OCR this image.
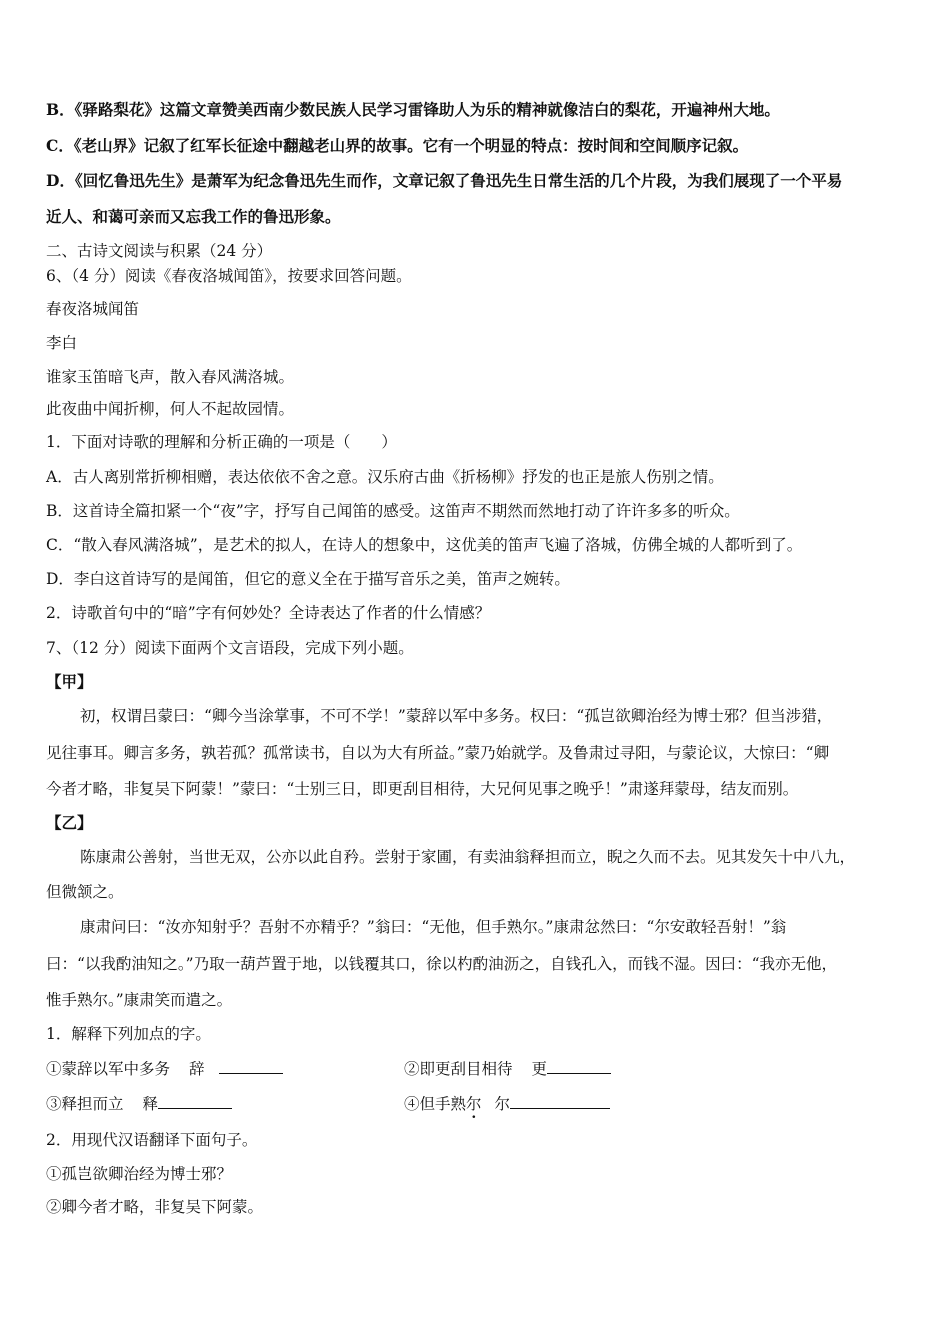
B．《驿路梨花》这篇文章赞美西南少数民族人民学习雷锋助人为乐的精神就像洁白的梨花，开遍神州大地。
C．《老山界》记叙了红军长征途中翻越老山界的故事。它有一个明显的特点：按时间和空间顺序记叙。
D．《回忆鲁迅先生》是萧军为纪念鲁迅先生而作，文章记叙了鲁迅先生日常生活的几个片段，为我们展现了一个平易
近人、和蔼可亲而又忘我工作的鲁迅形象。
二、古诗文阅读与积累（24 分）
6、（4 分）阅读《春夜洛城闻笛》，按要求回答问题。
春夜洛城闻笛
李白
谁家玉笛暗飞声，散入春风满洛城。
此夜曲中闻折柳，何人不起故园情。
1．下面对诗歌的理解和分析正确的一项是（　　）
A．古人离别常折柳相赠，表达依依不舍之意。汉乐府古曲《折杨柳》抒发的也正是旅人伤别之情。
B．这首诗全篇扣紧一个“夜”字，抒写自己闻笛的感受。这笛声不期然而然地打动了许许多多的听众。
C．“散入春风满洛城”，是艺术的拟人，在诗人的想象中，这优美的笛声飞遍了洛城，仿佛全城的人都听到了。
D．李白这首诗写的是闻笛，但它的意义全在于描写音乐之美，笛声之婉转。
2．诗歌首句中的“暗”字有何妙处？全诗表达了作者的什么情感？
7、（12 分）阅读下面两个文言语段，完成下列小题。
【甲】
初，权谓吕蒙曰：“卿今当涂掌事，不可不学！”蒙辞以军中多务。权曰：“孤岂欲卿治经为博士邪？但当涉猎，
见往事耳。卿言多务，孰若孤？孤常读书，自以为大有所益。”蒙乃始就学。及鲁肃过寻阳，与蒙论议，大惊曰：“卿
今者才略，非复吴下阿蒙！”蒙曰：“士别三日，即更刮目相待，大兄何见事之晚乎！”肃遂拜蒙母，结友而别。
【乙】
陈康肃公善射，当世无双，公亦以此自矜。尝射于家圃，有卖油翁释担而立，睨之久而不去。见其发矢十中八九，
但微颔之。
康肃问曰：“汝亦知射乎？吾射不亦精乎？”翁曰：“无他，但手熟尔。”康肃忿然曰：“尔安敢轻吾射！”翁
曰：“以我酌油知之。”乃取一葫芦置于地，以钱覆其口，徐以杓酌油沥之，自钱孔入，而钱不湿。因曰：“我亦无他，
惟手熟尔。”康肃笑而遣之。
1．解释下列加点的字。
①蒙辞以军中多务 辞	②即更刮目相待 更
③释担而立 释	④但手熟尔 尔
2．用现代汉语翻译下面句子。
①孤岂欲卿治经为博士邪？
②卿今者才略，非复吴下阿蒙。
